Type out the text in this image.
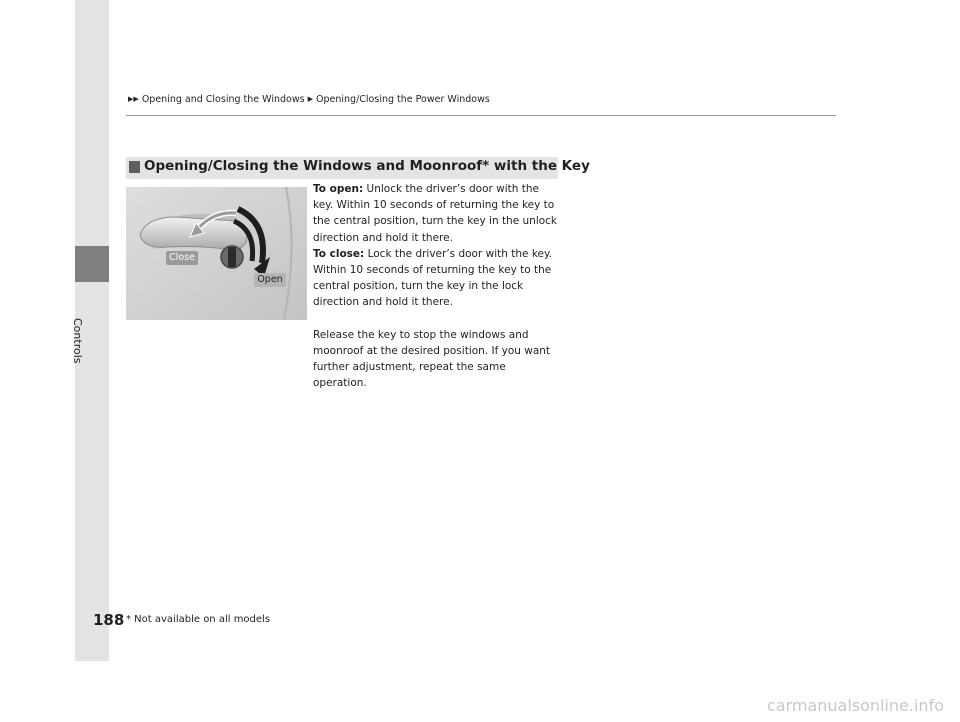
Controls
▶▶ Opening and Closing the Windows ▶ Opening/Closing the Power Windows
Opening/Closing the Windows and Moonroof* with the Key
Close
Open

To open: Unlock the driver’s door with the key. Within 10 seconds of returning the key to the central position, turn the key in the unlock direction and hold it there.

To close: Lock the driver’s door with the key. Within 10 seconds of returning the key to the central position, turn the key in the lock direction and hold it there.

Release the key to stop the windows and moonroof at the desired position. If you want further adjustment, repeat the same operation.

188 * Not available on all models
carmanualsonline.info
